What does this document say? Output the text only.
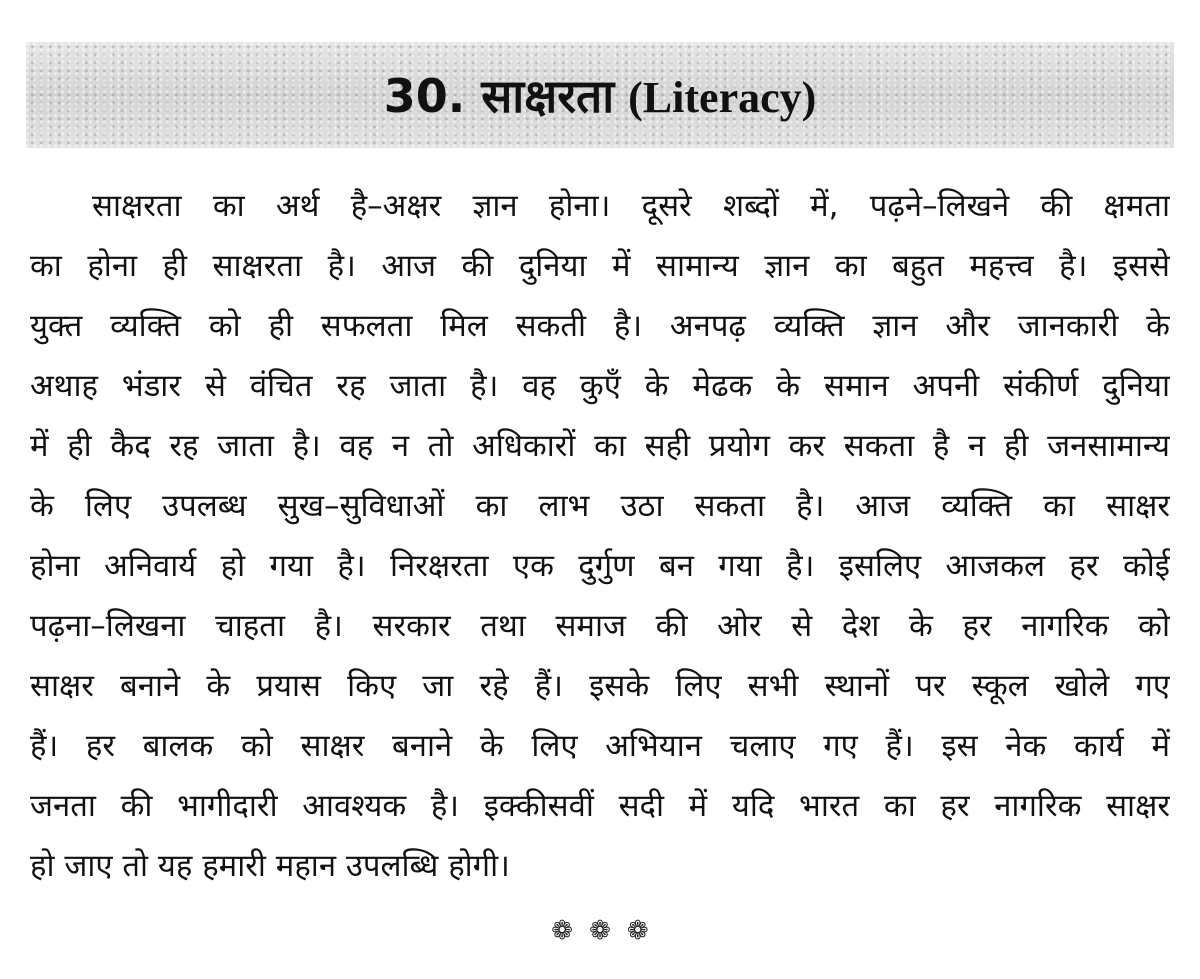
30. साक्षरता (Literacy)

साक्षरता का अर्थ है–अक्षर ज्ञान होना। दूसरे शब्दों में, पढ़ने–लिखने की क्षमता
का होना ही साक्षरता है। आज की दुनिया में सामान्य ज्ञान का बहुत महत्त्व है। इससे
युक्त व्यक्ति को ही सफलता मिल सकती है। अनपढ़ व्यक्ति ज्ञान और जानकारी के
अथाह भंडार से वंचित रह जाता है। वह कुएँ के मेढक के समान अपनी संकीर्ण दुनिया
में ही कैद रह जाता है। वह न तो अधिकारों का सही प्रयोग कर सकता है न ही जनसामान्य
के लिए उपलब्ध सुख–सुविधाओं का लाभ उठा सकता है। आज व्यक्ति का साक्षर
होना अनिवार्य हो गया है। निरक्षरता एक दुर्गुण बन गया है। इसलिए आजकल हर कोई
पढ़ना–लिखना चाहता है। सरकार तथा समाज की ओर से देश के हर नागरिक को
साक्षर बनाने के प्रयास किए जा रहे हैं। इसके लिए सभी स्थानों पर स्कूल खोले गए
हैं। हर बालक को साक्षर बनाने के लिए अभियान चलाए गए हैं। इस नेक कार्य में
जनता की भागीदारी आवश्यक है। इक्कीसवीं सदी में यदि भारत का हर नागरिक साक्षर
हो जाए तो यह हमारी महान उपलब्धि होगी।

❁ ❁ ❁
